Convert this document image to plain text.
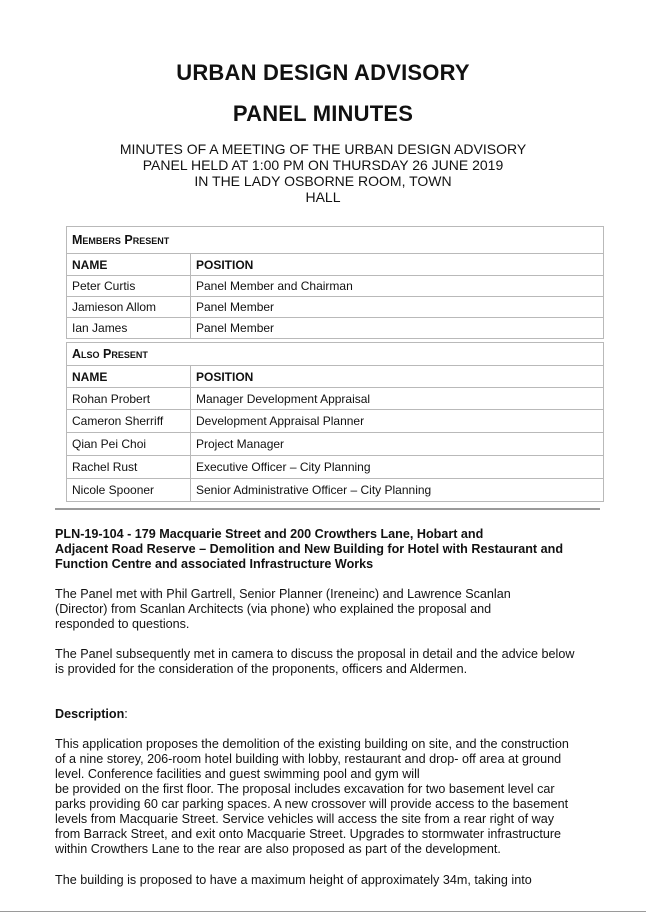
URBAN DESIGN ADVISORY
PANEL MINUTES
MINUTES OF A MEETING OF THE URBAN DESIGN ADVISORY
PANEL HELD AT 1:00 PM ON THURSDAY 26 JUNE 2019
IN THE LADY OSBORNE ROOM, TOWN
HALL
Members Present	
NAME	POSITION
Peter Curtis	Panel Member and Chairman
Jamieson Allom	Panel Member
Ian James	Panel Member
Also Present	
NAME	POSITION
Rohan Probert	Manager Development Appraisal
Cameron Sherriff	Development Appraisal Planner
Qian Pei Choi	Project Manager
Rachel Rust	Executive Officer – City Planning
Nicole Spooner	Senior Administrative Officer – City Planning
PLN-19-104 - 179 Macquarie Street and 200 Crowthers Lane, Hobart and
Adjacent Road Reserve – Demolition and New Building for Hotel with Restaurant and
Function Centre and associated Infrastructure Works
The Panel met with Phil Gartrell, Senior Planner (Ireneinc) and Lawrence Scanlan
(Director) from Scanlan Architects (via phone) who explained the proposal and
responded to questions.
The Panel subsequently met in camera to discuss the proposal in detail and the advice below
is provided for the consideration of the proponents, officers and Aldermen.
Description:
This application proposes the demolition of the existing building on site, and the construction
of a nine storey, 206-room hotel building with lobby, restaurant and drop- off area at ground
level. Conference facilities and guest swimming pool and gym will
be provided on the first floor. The proposal includes excavation for two basement level car
parks providing 60 car parking spaces. A new crossover will provide access to the basement
levels from Macquarie Street. Service vehicles will access the site from a rear right of way
from Barrack Street, and exit onto Macquarie Street. Upgrades to stormwater infrastructure
within Crowthers Lane to the rear are also proposed as part of the development.
The building is proposed to have a maximum height of approximately 34m, taking into
